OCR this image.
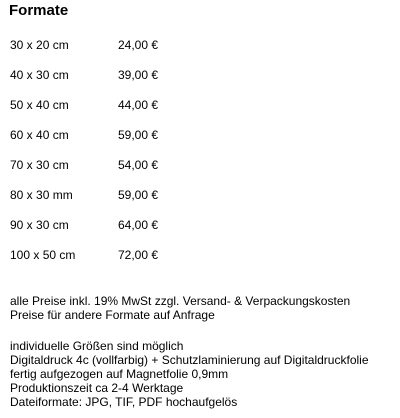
Formate
30 x 20 cm	24,00 €
40 x 30 cm	39,00 €
50 x 40 cm	44,00 €
60 x 40 cm	59,00 €
70 x 30 cm	54,00 €
80 x 30 mm	59,00 €
90 x 30 cm	64,00 €
100 x 50 cm	72,00 €
alle Preise inkl. 19% MwSt zzgl. Versand- & Verpackungskosten
Preise für andere Formate auf Anfrage
individuelle Größen sind möglich
Digitaldruck 4c (vollfarbig) + Schutzlaminierung auf Digitaldruckfolie
fertig aufgezogen auf Magnetfolie 0,9mm
Produktionszeit ca 2-4 Werktage
Dateiformate: JPG, TIF, PDF hochaufgelös
